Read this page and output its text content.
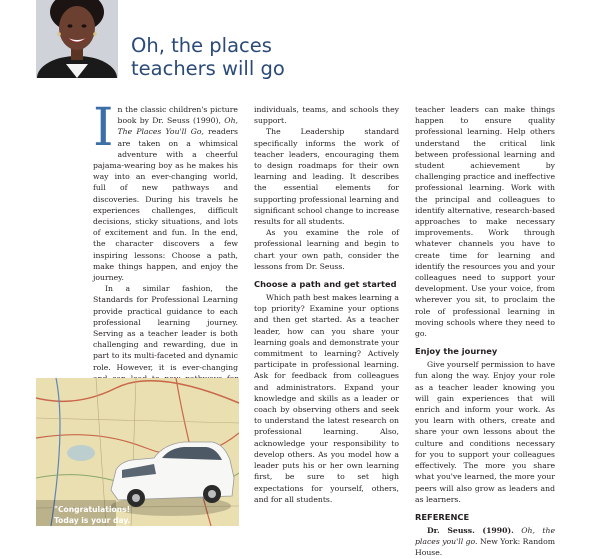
Oh, the places
teachers will go

In the classic children's picture book by Dr. Seuss (1990), Oh, The Places You'll Go, readers are taken on a whimsical adventure with a cheerful pajama-wearing boy as he makes his way into an ever-changing world, full of new pathways and discoveries. During his travels he experiences challenges, difficult decisions, sticky situations, and lots of excitement and fun. In the end, the character discovers a few inspiring lessons: Choose a path, make things happen, and enjoy the journey.

In a similar fashion, the Standards for Professional Learning provide practical guidance to each professional learning journey. Serving as a teacher leader is both challenging and rewarding, due in part to its multi-faceted and dynamic role. However, it is ever-changing

individuals, teams, and schools they support.

The Leadership standard specifically informs the work of teacher leaders, encouraging them to design roadmaps for their own learning and leading. It describes the essential elements for supporting professional learning and significant school change to increase results for all students.

As you examine the role of professional learning and begin to chart your own path, consider the lessons from Dr. Seuss.

Choose a path and get started

Which path best makes learning a top priority? Examine your options and then get started. As a teacher leader, how can you share your learning goals and demonstrate your commitment to learning? Actively participate in professional learning. Ask for feedback from colleagues and administrators. Expand your knowledge and skills as a leader or coach by observing others and seek to understand the latest research on professional learning. Also, acknowledge your responsibility to develop others. As you model how a leader puts his or her own learning first, be sure to set high expectations for yourself, others, and for all students.

teacher leaders can make things happen to ensure quality professional learning. Help others understand the critical link between professional learning and student achievement by challenging practice and ineffective professional learning. Work with the principal and colleagues to identify alternative, research-based approaches to make necessary improvements. Work through whatever channels you have to create time for learning and identify the resources you and your colleagues need to support your development. Use your voice, from wherever you sit, to proclaim the role of professional learning in moving schools where they need to go.

Enjoy the journey

Give yourself permission to have fun along the way. Enjoy your role as a teacher leader knowing you will gain experiences that will enrich and inform your work. As you learn with others, create and share your own lessons about the culture and conditions necessary for you to support your colleagues effectively. The more you share what you've learned, the more your peers will also grow as leaders and as learners.

REFERENCE

Dr. Seuss. (1990). Oh, the places you'll go. New York: Random House.

"Congratulations!
Today is your day.
